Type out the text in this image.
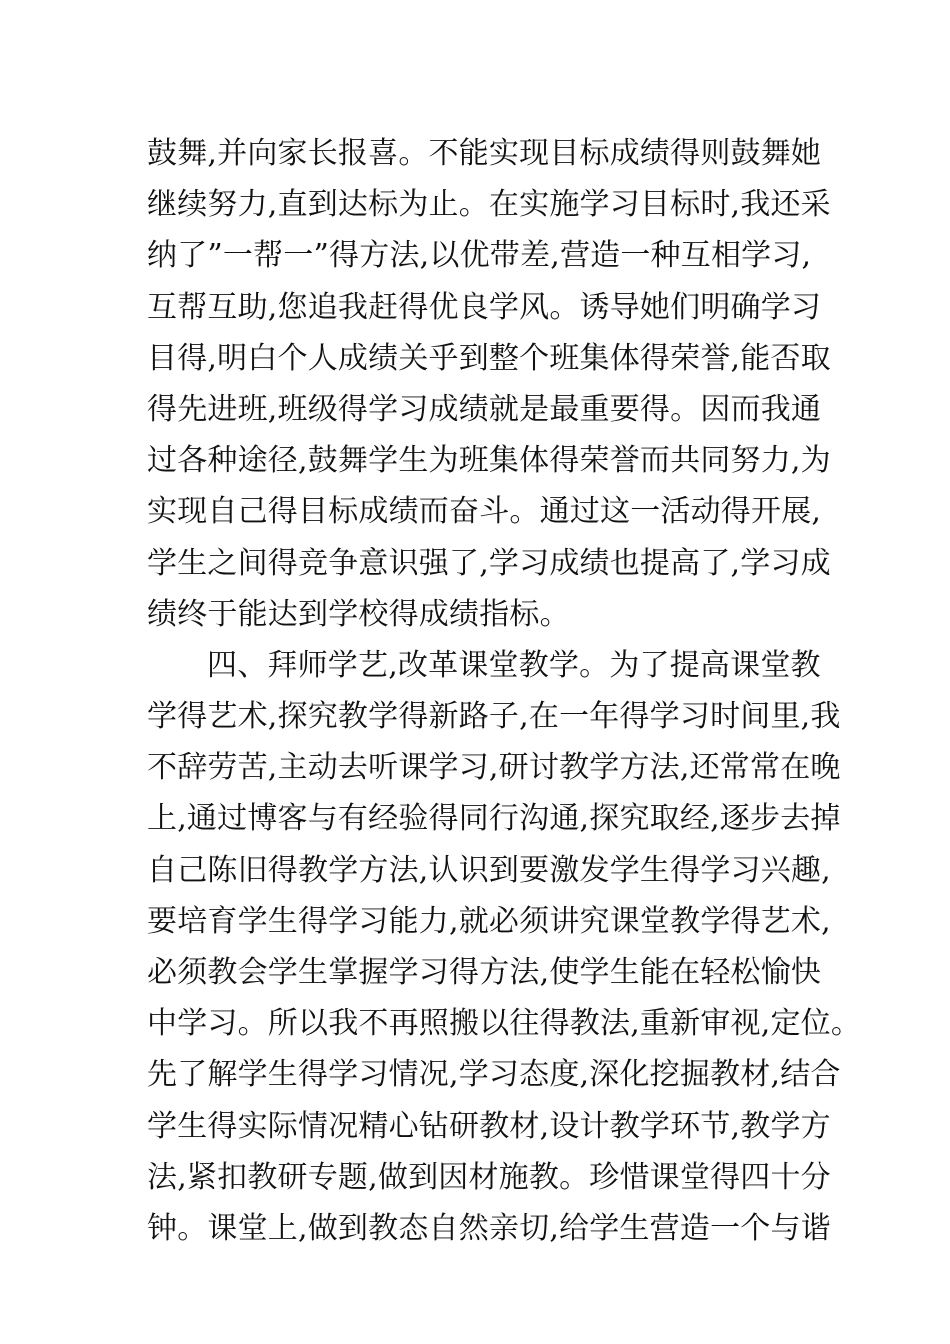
鼓舞,并向家长报喜。不能实现目标成绩得则鼓舞她
继续努力,直到达标为止。在实施学习目标时,我还采
纳了”一帮一”得方法,以优带差,营造一种互相学习,
互帮互助,您追我赶得优良学风。诱导她们明确学习
目得,明白个人成绩关乎到整个班集体得荣誉,能否取
得先进班,班级得学习成绩就是最重要得。因而我通
过各种途径,鼓舞学生为班集体得荣誉而共同努力,为
实现自己得目标成绩而奋斗。通过这一活动得开展,
学生之间得竞争意识强了,学习成绩也提高了,学习成
绩终于能达到学校得成绩指标。
四、拜师学艺,改革课堂教学。为了提高课堂教
学得艺术,探究教学得新路子,在一年得学习时间里,我
不辞劳苦,主动去听课学习,研讨教学方法,还常常在晚
上,通过博客与有经验得同行沟通,探究取经,逐步去掉
自己陈旧得教学方法,认识到要激发学生得学习兴趣,
要培育学生得学习能力,就必须讲究课堂教学得艺术,
必须教会学生掌握学习得方法,使学生能在轻松愉快
中学习。所以我不再照搬以往得教法,重新审视,定位。
先了解学生得学习情况,学习态度,深化挖掘教材,结合
学生得实际情况精心钻研教材,设计教学环节,教学方
法,紧扣教研专题,做到因材施教。珍惜课堂得四十分
钟。课堂上,做到教态自然亲切,给学生营造一个与谐
